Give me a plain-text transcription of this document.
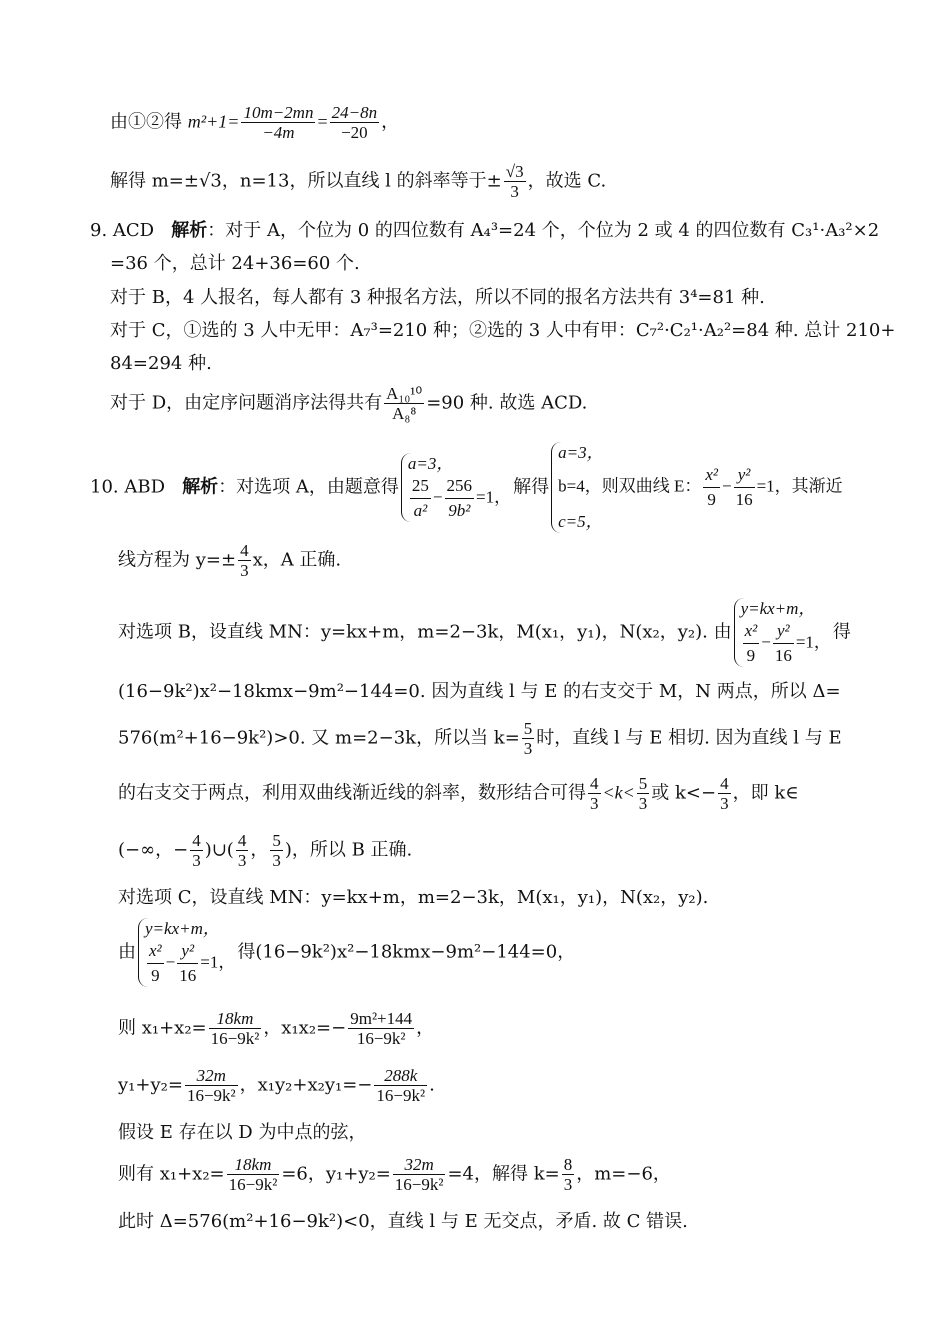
由①②得 $m^2+1= \frac{10m-2mn}{-4m} = \frac{24-8n}{-20}$ ，
解得 m=±√3，n=13，所以直线 l 的斜率等于± $\frac{√3}{3}$ ，故选 C.
9. ACD 解析：对于 A，个位为 0 的四位数有 A₄³=24 个，个位为 2 或 4 的四位数有 C₃¹·A₃²×2
=36 个，总计 24+36=60 个.
对于 B，4 人报名，每人都有 3 种报名方法，所以不同的报名方法共有 3⁴=81 种.
对于 C，①选的 3 人中无甲：A₇³=210 种；②选的 3 人中有甲：C₇²·C₂¹·A₂²=84 种. 总计 210+
84=294 种.
对于 D，由定序问题消序法得共有 $\frac{\text{A₁₀¹⁰}}{\text{A₈⁸}} =90$ 种. 故选 ACD.
10. ABD 解析：对选项 A，由题意得
a=3，
$\frac{25}{\text{a²}} - \frac{256}{\text{9b²}} =1$， 解得
a=3，
b=4，则双曲线 E： $\frac{\text{x²}}{9} - \frac{\text{y²}}{16} =1$，其渐近
c=5，
线方程为 $y=\pm \frac{4}{3}$ x，A 正确.
对选项 B，设直线 MN：y=kx+m，m=2−3k，M(x₁，y₁)，N(x₂，y₂). 由
y=kx+m，
$\frac{\text{x²}}{9} - \frac{\text{y²}}{16} =1$， 得
(16−9k²)x²−18kmx−9m²−144=0. 因为直线 l 与 E 的右支交于 M，N 两点，所以 Δ=
576(m²+16−9k²)>0. 又 m=2−3k，所以当 $k= \frac{5}{3}$ 时，直线 l 与 E 相切. 因为直线 l 与 E
的右支交于两点，利用双曲线渐近线的斜率，数形结合可得 $\frac{4}{3} <k< \frac{5}{3}$ 或 $k<- \frac{4}{3}$ ，即 k∈
(−∞，− $\frac{4}{3}$ )∪( $\frac{4}{3}$ ， $\frac{5}{3}$ )，所以 B 正确.
对选项 C，设直线 MN：y=kx+m，m=2−3k，M(x₁，y₁)，N(x₂，y₂).
由
y=kx+m，
$\frac{\text{x²}}{9} - \frac{\text{y²}}{16} =1$， 得(16−9k²)x²−18kmx−9m²−144=0，
则 $x_1+x_2= \frac{18km}{\text{16−9k²}}$ ，$x_1x_2=- \frac{\text{9m²+144}}{\text{16−9k²}}$ ，
$y_1+y_2= \frac{32m}{\text{16−9k²}}$ ，$x_1y_2+x_2y_1=- \frac{288k}{\text{16−9k²}}$ .
假设 E 存在以 D 为中点的弦，
则有 $x_1+x_2= \frac{18km}{\text{16−9k²}} =6$，$y_1+y_2= \frac{32m}{\text{16−9k²}} =4$，解得 $k= \frac{8}{3}$ ，m=−6，
此时 Δ=576(m²+16−9k²)<0，直线 l 与 E 无交点，矛盾. 故 C 错误.
